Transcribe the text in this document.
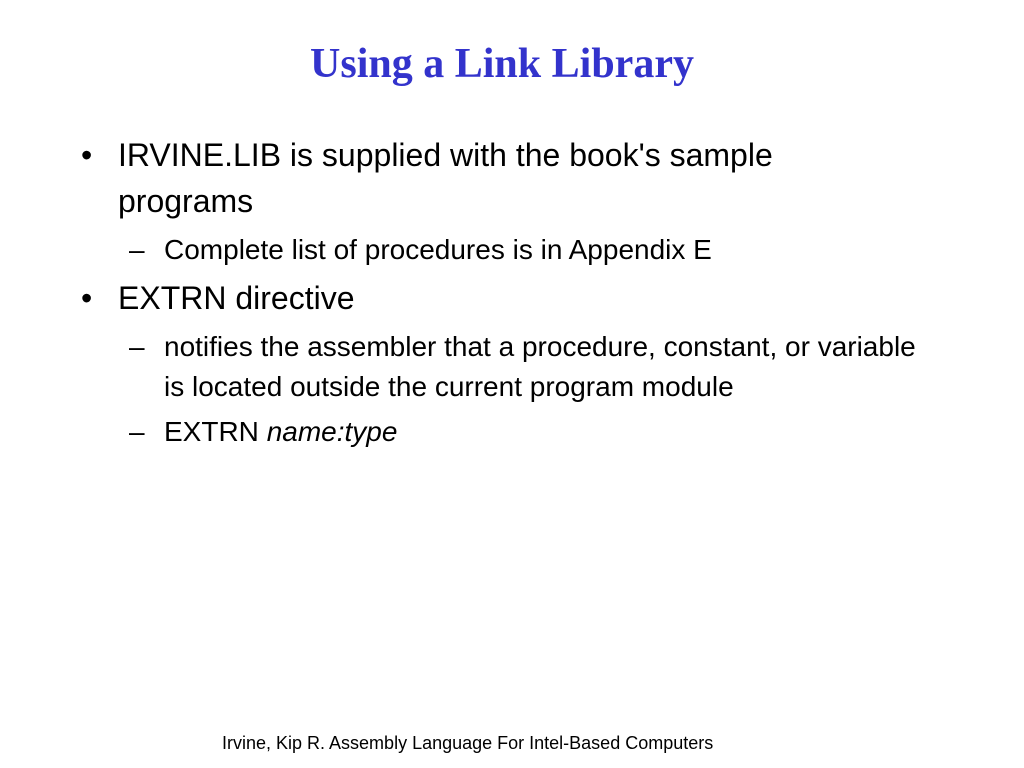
Using a Link Library
• IRVINE.LIB is supplied with the book's sample programs
– Complete list of procedures is in Appendix E
• EXTRN directive
– notifies the assembler that a procedure, constant, or variable is located outside the current program module
– EXTRN name:type
Irvine, Kip R. Assembly Language For Intel-Based Computers
